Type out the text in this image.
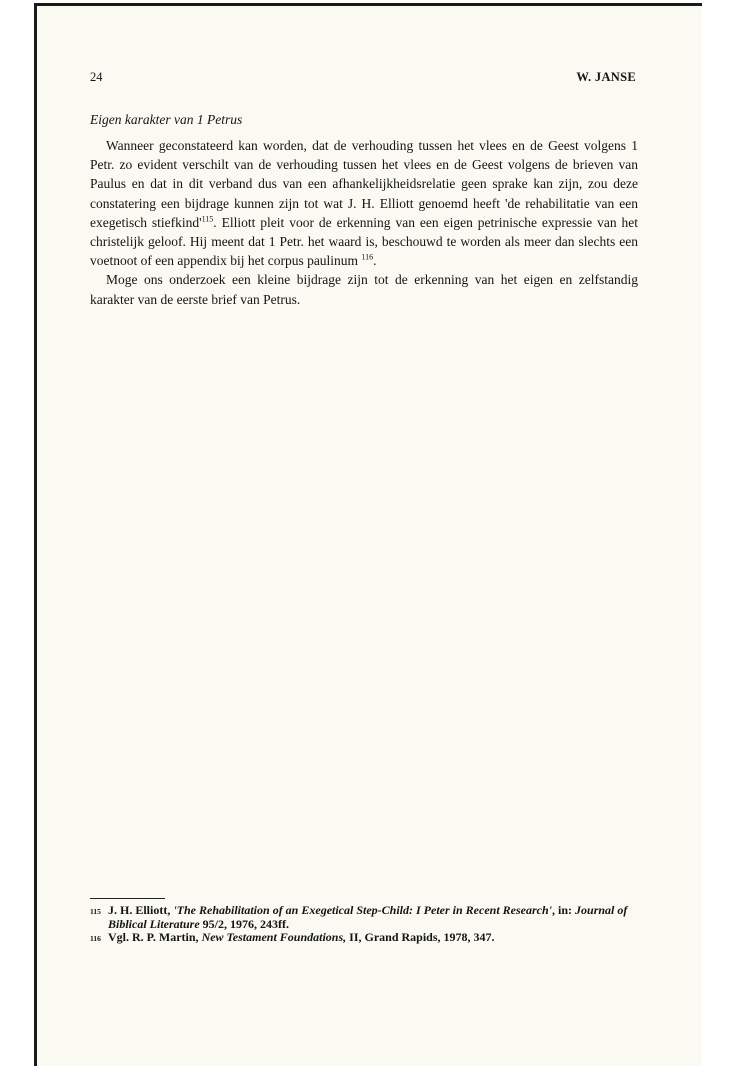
24	W. JANSE
Eigen karakter van 1 Petrus

Wanneer geconstateerd kan worden, dat de verhouding tussen het vlees en de Geest volgens 1 Petr. zo evident verschilt van de verhouding tussen het vlees en de Geest volgens de brieven van Paulus en dat in dit verband dus van een afhankelijkheidsrelatie geen sprake kan zijn, zou deze constatering een bijdrage kunnen zijn tot wat J. H. Elliott genoemd heeft 'de rehabilitatie van een exegetisch $stiefkind'^{115}$. Elliott pleit voor de erkenning van een eigen petrinische expressie van het christelijk geloof. Hij meent dat 1 Petr. het waard is, beschouwd te worden als meer dan slechts een voetnoot of een appendix bij het corpus paulinum $^{116}$.

Moge ons onderzoek een kleine bijdrage zijn tot de erkenning van het eigen en zelfstandig karakter van de eerste brief van Petrus.

115 J. H. Elliott, 'The Rehabilitation of an Exegetical Step-Child: I Peter in Recent Research', in: Journal of Biblical Literature 95/2, 1976, 243ff.
116 Vgl. R. P. Martin, New Testament Foundations, II, Grand Rapids, 1978, 347.
